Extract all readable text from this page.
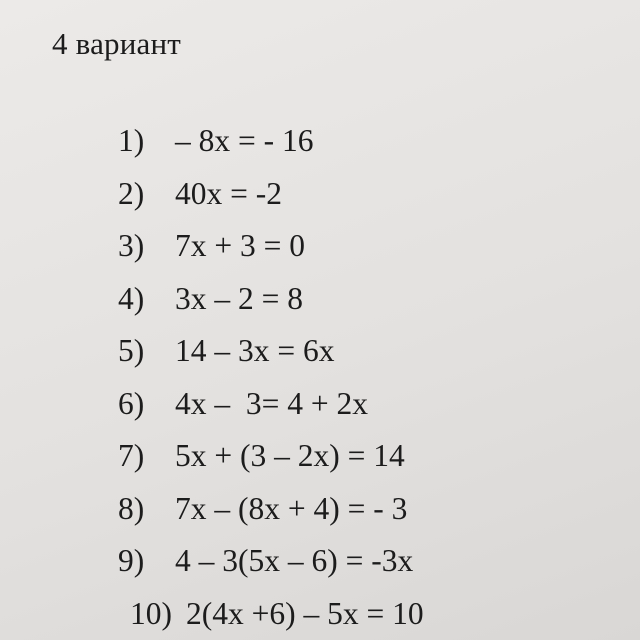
4 вариант
1) – 8x = - 16
2) 40x = -2
3) 7x + 3 = 0
4) 3x – 2 = 8
5) 14 – 3x = 6x
6) 4x –  3= 4 + 2x
7) 5x + (3 – 2x) = 14
8) 7x – (8x + 4) = - 3
9) 4 – 3(5x – 6) = -3x
10) 2(4x +6) – 5x = 10
